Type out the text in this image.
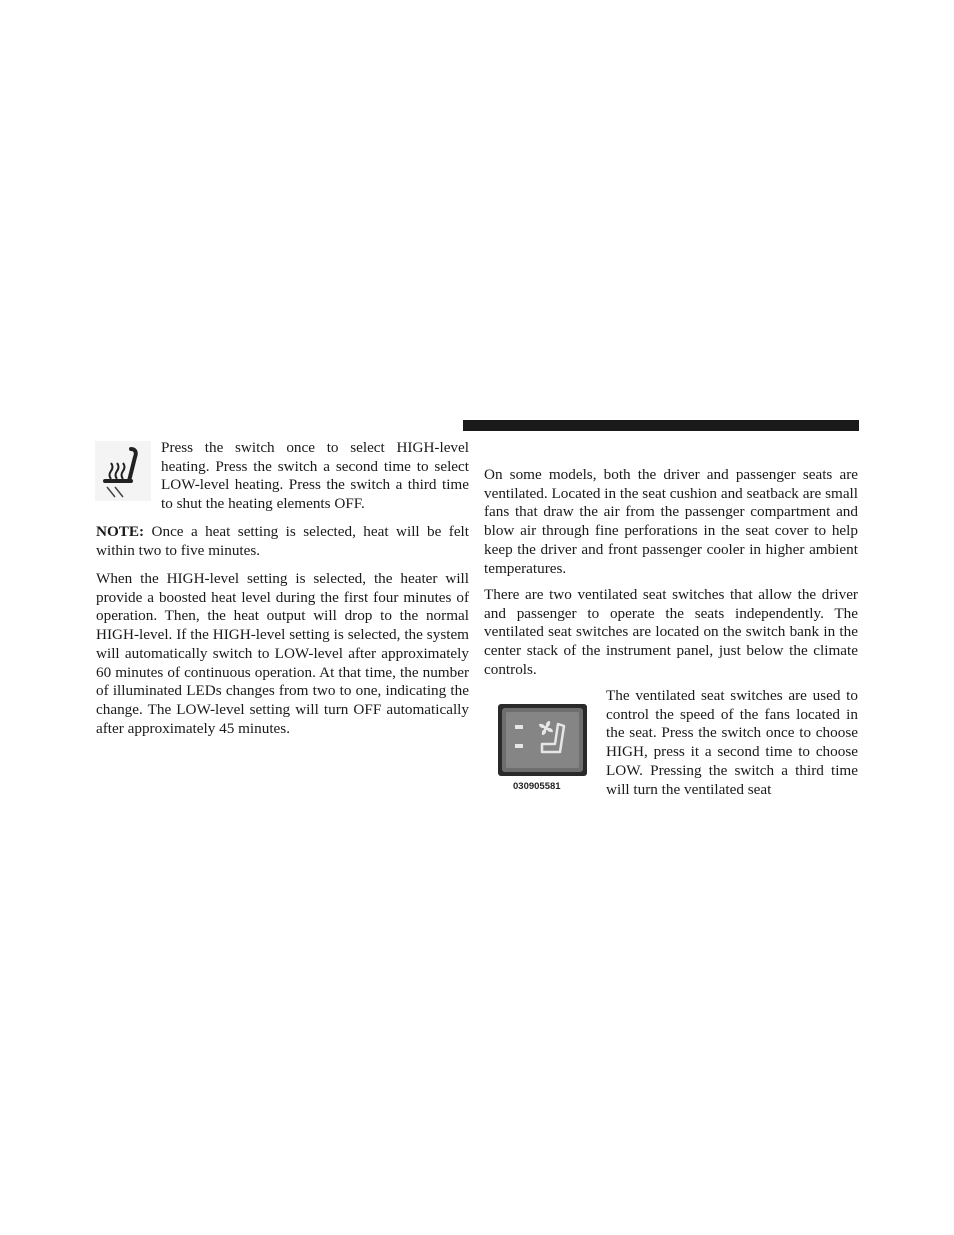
Press the switch once to select HIGH-level heating. Press the switch a second time to select LOW-level heating. Press the switch a third time to shut the heating elements OFF.

NOTE: Once a heat setting is selected, heat will be felt within two to five minutes.

When the HIGH-level setting is selected, the heater will provide a boosted heat level during the first four minutes of operation. Then, the heat output will drop to the normal HIGH-level. If the HIGH-level setting is selected, the system will automatically switch to LOW-level after approximately 60 minutes of continuous operation. At that time, the number of illuminated LEDs changes from two to one, indicating the change. The LOW-level setting will turn OFF automatically after approximately 45 minutes.

On some models, both the driver and passenger seats are ventilated. Located in the seat cushion and seatback are small fans that draw the air from the passenger compartment and blow air through fine perforations in the seat cover to help keep the driver and front passenger cooler in higher ambient temperatures.

There are two ventilated seat switches that allow the driver and passenger to operate the seats independently. The ventilated seat switches are located on the switch bank in the center stack of the instrument panel, just below the climate controls.

030905581

The ventilated seat switches are used to control the speed of the fans located in the seat. Press the switch once to choose HIGH, press it a second time to choose LOW. Pressing the switch a third time will turn the ventilated seat
